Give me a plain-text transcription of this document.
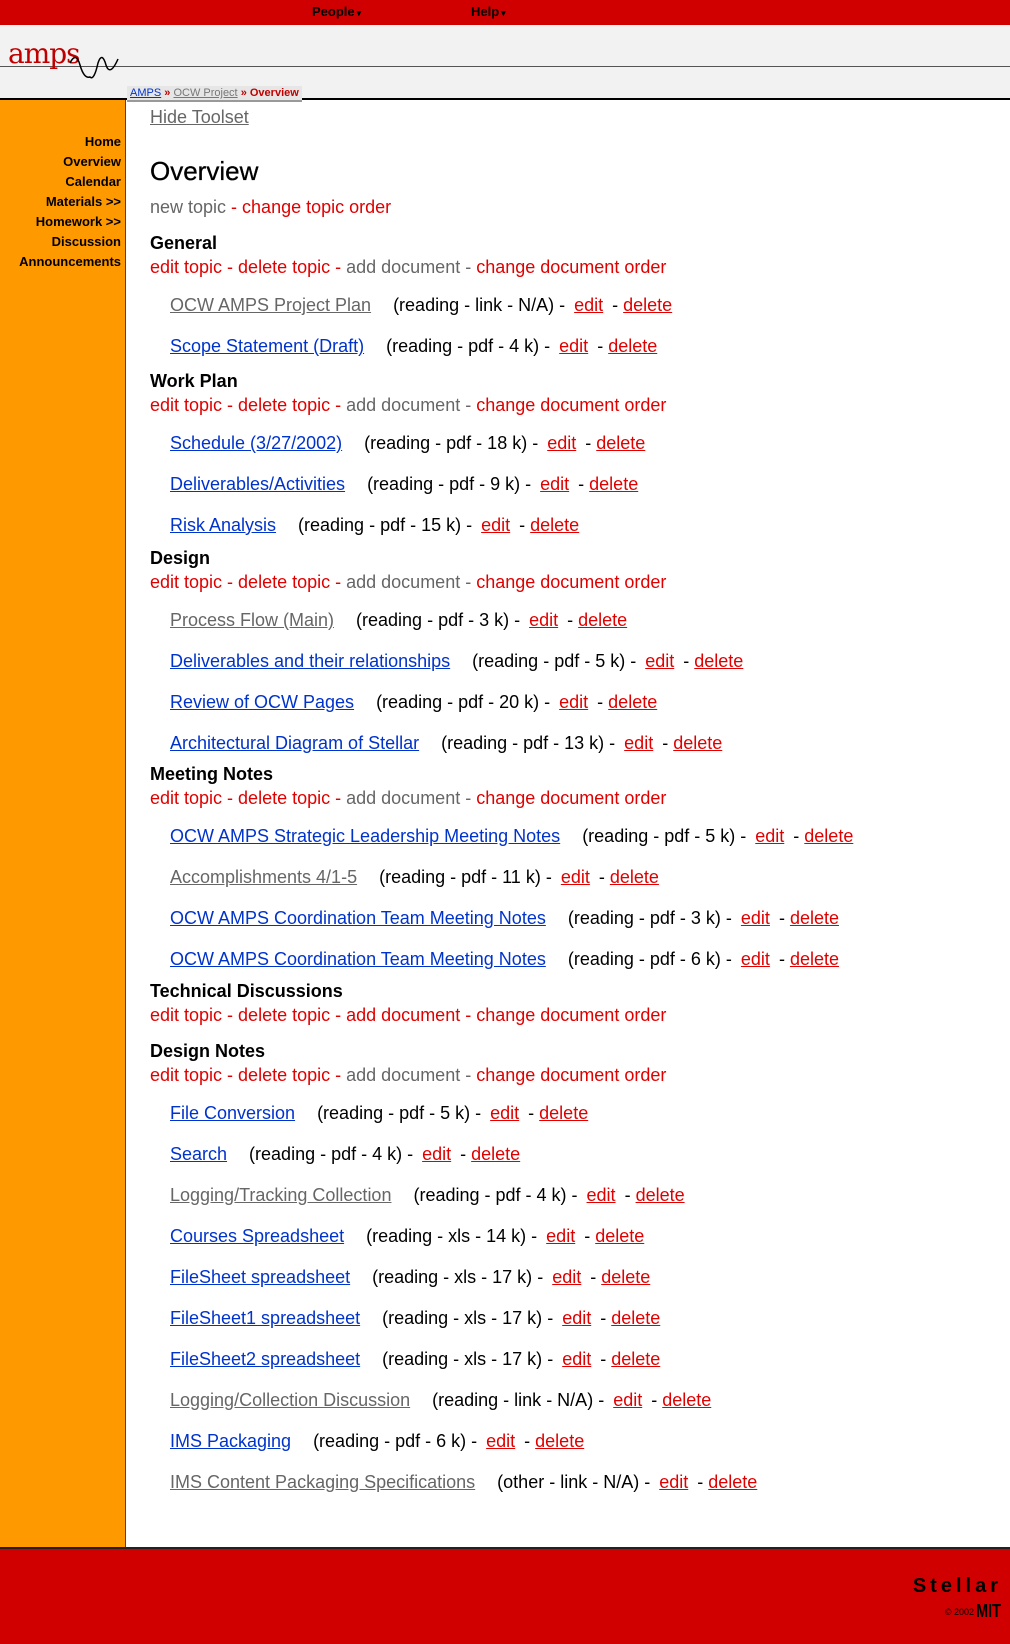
People ▾	Help ▾
amps
Home
Overview
Calendar
Materials >>
Homework >>
Discussion
Announcements
AMPS » OCW Project » Overview
Hide Toolset
Overview
new topic - change topic order
General
edit topic - delete topic - add document - change document order
OCW AMPS Project Plan (reading - link - N/A) - edit - delete
Scope Statement (Draft) (reading - pdf - 4 k) - edit - delete
Work Plan
edit topic - delete topic - add document - change document order
Schedule (3/27/2002) (reading - pdf - 18 k) - edit - delete
Deliverables/Activities (reading - pdf - 9 k) - edit - delete
Risk Analysis (reading - pdf - 15 k) - edit - delete
Design
edit topic - delete topic - add document - change document order
Process Flow (Main) (reading - pdf - 3 k) - edit - delete
Deliverables and their relationships (reading - pdf - 5 k) - edit - delete
Review of OCW Pages (reading - pdf - 20 k) - edit - delete
Architectural Diagram of Stellar (reading - pdf - 13 k) - edit - delete
Meeting Notes
edit topic - delete topic - add document - change document order
OCW AMPS Strategic Leadership Meeting Notes (reading - pdf - 5 k) - edit - delete
Accomplishments 4/1-5 (reading - pdf - 11 k) - edit - delete
OCW AMPS Coordination Team Meeting Notes (reading - pdf - 3 k) - edit - delete
OCW AMPS Coordination Team Meeting Notes (reading - pdf - 6 k) - edit - delete
Technical Discussions
edit topic - delete topic - add document - change document order
Design Notes
edit topic - delete topic - add document - change document order
File Conversion (reading - pdf - 5 k) - edit - delete
Search (reading - pdf - 4 k) - edit - delete
Logging/Tracking Collection (reading - pdf - 4 k) - edit - delete
Courses Spreadsheet (reading - xls - 14 k) - edit - delete
FileSheet spreadsheet (reading - xls - 17 k) - edit - delete
FileSheet1 spreadsheet (reading - xls - 17 k) - edit - delete
FileSheet2 spreadsheet (reading - xls - 17 k) - edit - delete
Logging/Collection Discussion (reading - link - N/A) - edit - delete
IMS Packaging (reading - pdf - 6 k) - edit - delete
IMS Content Packaging Specifications (other - link - N/A) - edit - delete
Stellar
© 2002 MIT
